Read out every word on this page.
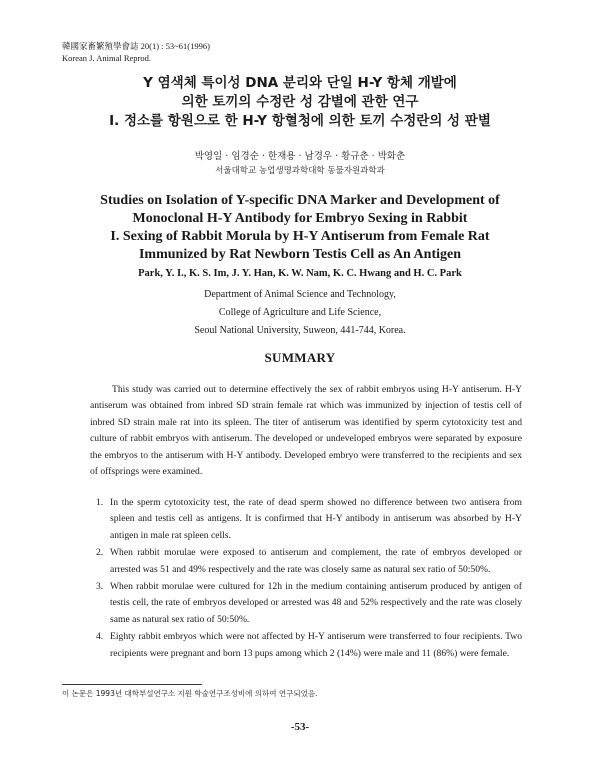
韓國家畜繁殖學會誌 20(1) : 53~61(1996)
Korean J. Animal Reprod.
Y 염색체 특이성 DNA 분리와 단일 H-Y 항체 개발에
의한 토끼의 수정란 성 감별에 관한 연구
I. 정소를 항원으로 한 H-Y 항혈청에 의한 토끼 수정란의 성 판별
박영일 · 임경순 · 한재용 · 남경우 · 황규춘 · 박화춘
서울대학교 농업생명과학대학 동물자원과학과
Studies on Isolation of Y-specific DNA Marker and Development of
Monoclonal H-Y Antibody for Embryo Sexing in Rabbit
I. Sexing of Rabbit Morula by H-Y Antiserum from Female Rat
Immunized by Rat Newborn Testis Cell as An Antigen
Park, Y. I., K. S. Im, J. Y. Han, K. W. Nam, K. C. Hwang and H. C. Park
Department of Animal Science and Technology,
College of Agriculture and Life Science,
Seoul National University, Suweon, 441-744, Korea.
SUMMARY

This study was carried out to determine effectively the sex of rabbit embryos using H-Y antiserum. H-Y antiserum was obtained from inbred SD strain female rat which was immunized by injection of testis cell of inbred SD strain male rat into its spleen. The titer of antiserum was identified by sperm cytotoxicity test and culture of rabbit embryos with antiserum. The developed or undeveloped embryos were separated by exposure the embryos to the antiserum with H-Y antibody. Developed embryo were transferred to the recipients and sex of offsprings were examined.

1. In the sperm cytotoxicity test, the rate of dead sperm showed no difference between two antisera from spleen and testis cell as antigens. It is confirmed that H-Y antibody in antiserum was absorbed by H-Y antigen in male rat spleen cells.
2. When rabbit morulae were exposed to antiserum and complement, the rate of embryos developed or arrested was 51 and 49% respectively and the rate was closely same as natural sex ratio of 50:50%.
3. When rabbit morulae were cultured for 12h in the medium containing antiserum produced by antigen of testis cell, the rate of embryos developed or arrested was 48 and 52% respectively and the rate was closely same as natural sex ratio of 50:50%.
4. Eighty rabbit embryos which were not affected by H-Y antiserum were transferred to four recipients. Two recipients were pregnant and born 13 pups among which 2 (14%) were male and 11 (86%) were female.
이 논문은 1993년 대학부설연구소 지원 학술연구조성비에 의하여 연구되었음.
-53-
